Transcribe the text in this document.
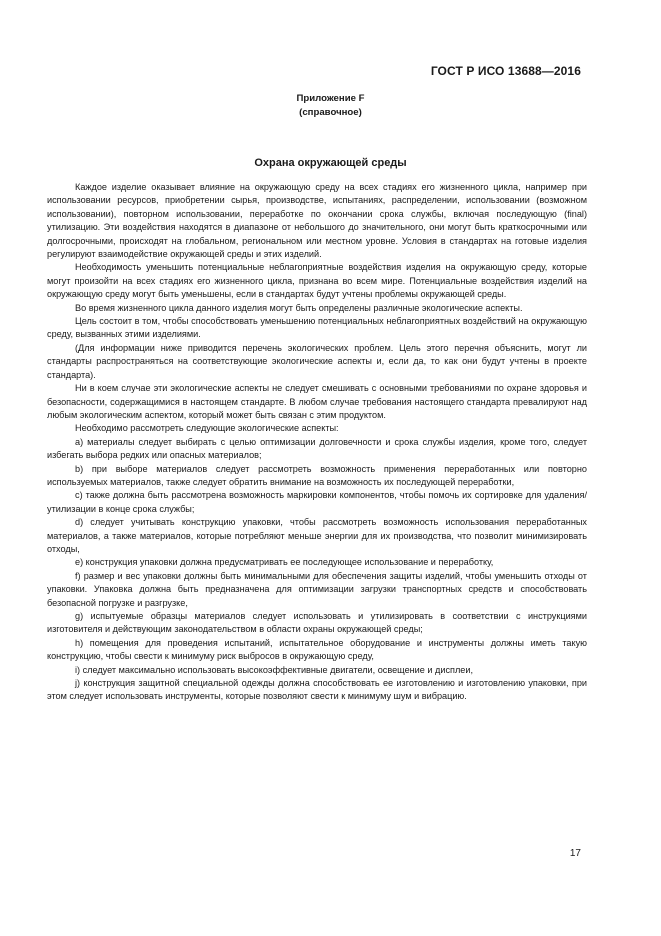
ГОСТ Р ИСО 13688—2016
Приложение F
(справочное)
Охрана окружающей среды

Каждое изделие оказывает влияние на окружающую среду на всех стадиях его жизненного цикла, например при использовании ресурсов, приобретении сырья, производстве, испытаниях, распределении, использовании (возможном использовании), повторном использовании, переработке по окончании срока службы, включая последующую (final) утилизацию. Эти воздействия находятся в диапазоне от небольшого до значительного, они могут быть краткосрочными или долгосрочными, происходят на глобальном, региональном или местном уровне. Условия в стандартах на готовые изделия регулируют взаимодействие окружающей среды и этих изделий.

Необходимость уменьшить потенциальные неблагоприятные воздействия изделия на окружающую среду, которые могут произойти на всех стадиях его жизненного цикла, признана во всем мире. Потенциальные воздействия изделий на окружающую среду могут быть уменьшены, если в стандартах будут учтены проблемы окружающей среды.

Во время жизненного цикла данного изделия могут быть определены различные экологические аспекты.

Цель состоит в том, чтобы способствовать уменьшению потенциальных неблагоприятных воздействий на окружающую среду, вызванных этими изделиями.

(Для информации ниже приводится перечень экологических проблем. Цель этого перечня объяснить, могут ли стандарты распространяться на соответствующие экологические аспекты и, если да, то как они будут учтены в проекте стандарта).

Ни в коем случае эти экологические аспекты не следует смешивать с основными требованиями по охране здоровья и безопасности, содержащимися в настоящем стандарте. В любом случае требования настоящего стандарта превалируют над любым экологическим аспектом, который может быть связан с этим продуктом.

Необходимо рассмотреть следующие экологические аспекты:

а) материалы следует выбирать с целью оптимизации долговечности и срока службы изделия, кроме того, следует избегать выбора редких или опасных материалов;

b) при выборе материалов следует рассмотреть возможность применения переработанных или повторно используемых материалов, также следует обратить внимание на возможность их последующей переработки,

c) также должна быть рассмотрена возможность маркировки компонентов, чтобы помочь их сортировке для удаления/утилизации в конце срока службы;

d) следует учитывать конструкцию упаковки, чтобы рассмотреть возможность использования переработанных материалов, а также материалов, которые потребляют меньше энергии для их производства, что позволит минимизировать отходы,

e) конструкция упаковки должна предусматривать ее последующее использование и переработку,

f) размер и вес упаковки должны быть минимальными для обеспечения защиты изделий, чтобы уменьшить отходы от упаковки. Упаковка должна быть предназначена для оптимизации загрузки транспортных средств и способствовать безопасной погрузке и разгрузке,

g) испытуемые образцы материалов следует использовать и утилизировать в соответствии с инструкциями изготовителя и действующим законодательством в области охраны окружающей среды;

h) помещения для проведения испытаний, испытательное оборудование и инструменты должны иметь такую конструкцию, чтобы свести к минимуму риск выбросов в окружающую среду,

i) следует максимально использовать высокоэффективные двигатели, освещение и дисплеи,

j) конструкция защитной специальной одежды должна способствовать ее изготовлению и изготовлению упаковки, при этом следует использовать инструменты, которые позволяют свести к минимуму шум и вибрацию.

17
